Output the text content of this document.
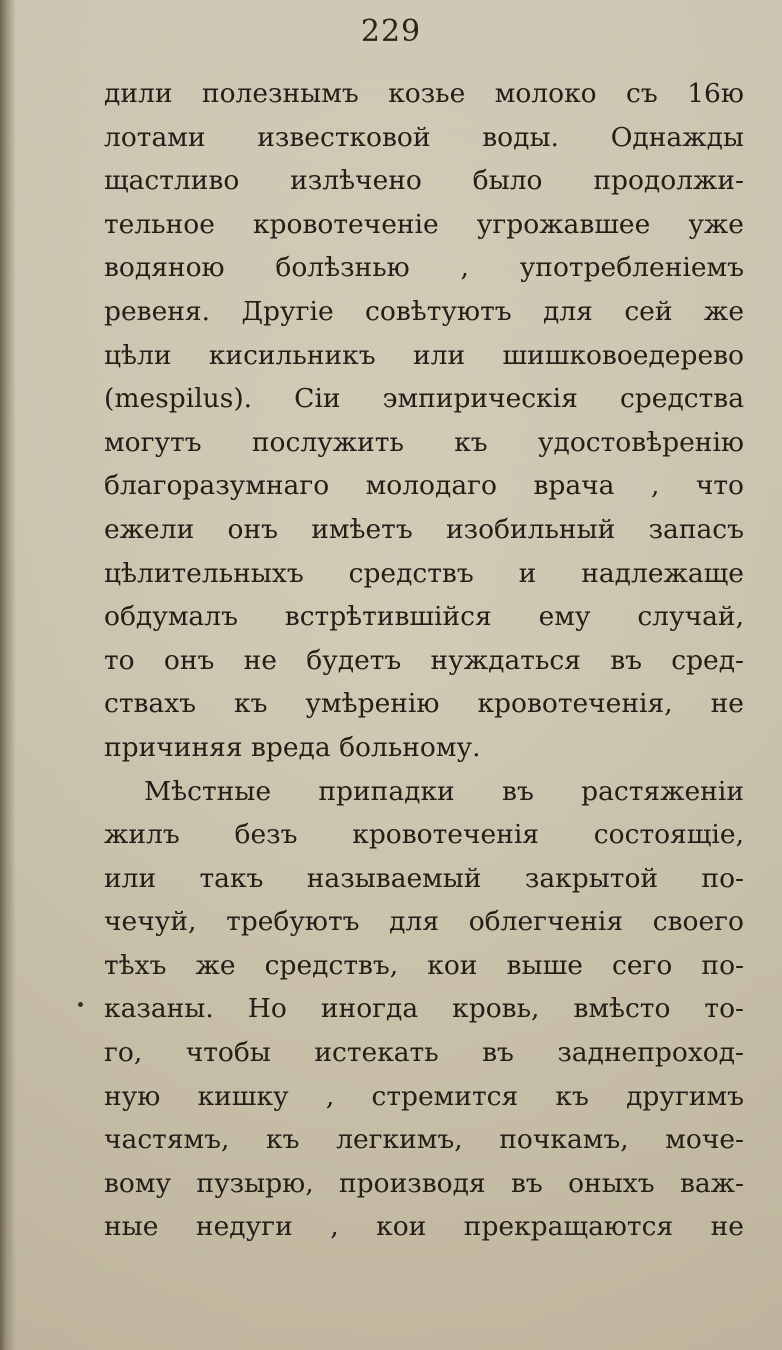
229
дили полезнымъ козье молоко съ 16ю
лотами известковой воды. Однажды
щастливо излѣчено было продолжи-
тельное кровотеченіе угрожавшее уже
водяною болѣзнью , употребленіемъ
ревеня. Другіе совѣтуютъ для сей же
цѣли кисильникъ или шишковоедерево
(mespilus). Сіи эмпирическія средства
могутъ послужить къ удостовѣренію
благоразумнаго молодаго врача , что
ежели онъ имѣетъ изобильный запасъ
цѣлительныхъ средствъ и надлежаще
обдумалъ встрѣтившійся ему случай,
то онъ не будетъ нуждаться въ сред-
ствахъ къ умѣренію кровотеченія, не
причиняя вреда больному.
Мѣстные припадки въ растяженіи
жилъ безъ кровотеченія состоящіе,
или такъ называемый закрытой по-
чечуй, требуютъ для облегченія своего
тѣхъ же средствъ, кои выше сего по-
казаны. Но иногда кровь, вмѣсто то-
го, чтобы истекать въ заднепроход-
ную кишку , стремится къ другимъ
частямъ, къ легкимъ, почкамъ, моче-
вому пузырю, производя въ оныхъ важ-
ные недуги , кои прекращаются не
